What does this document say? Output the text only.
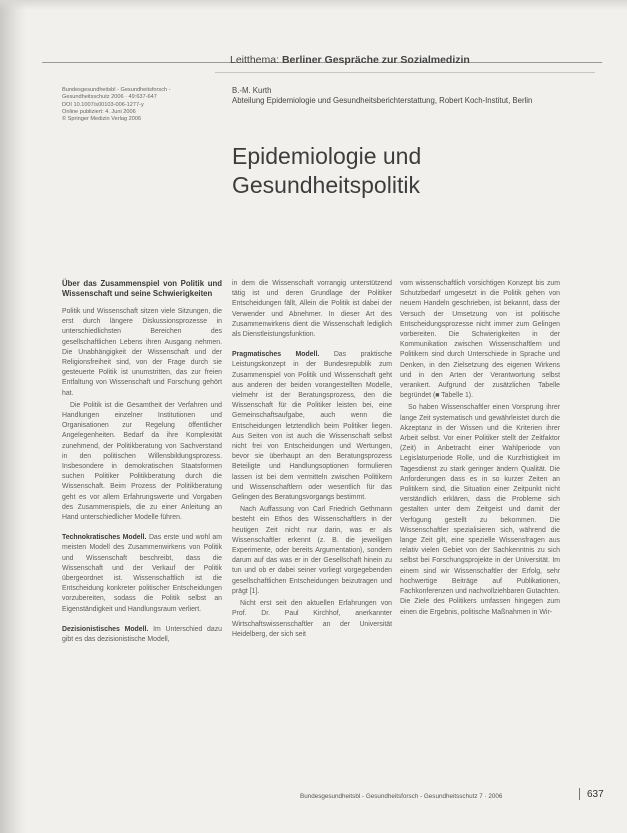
Leitthema: Berliner Gespräche zur Sozialmedizin
Bundesgesundheitsbl - Gesundheitsforsch -
Gesundheitsschutz 2006 · 49:637-647
DOI 10.1007/s00103-006-1277-y
Online publiziert: 4. Juni 2006
© Springer Medizin Verlag 2006
B.-M. Kurth
Abteilung Epidemiologie und Gesundheitsberichterstattung, Robert Koch-Institut, Berlin
Epidemiologie und
Gesundheitspolitik
Über das Zusammenspiel von Politik und Wissenschaft und seine Schwierigkeiten

Politik und Wissenschaft sitzen viele Sitzungen, die erst durch längere Diskussionsprozesse in unterschiedlichsten Bereichen des gesellschaftlichen Lebens ihren Ausgang nehmen. Die Unabhängigkeit der Wissenschaft und der Religionsfreiheit sind, von der Frage durch sie gesteuerte Politik ist unumstritten, das zur freien Entfaltung von Wissenschaft und Forschung gehört hat.

Die Politik ist die Gesamtheit der Verfahren und Handlungen einzelner Institutionen und Organisationen zur Regelung öffentlicher Angelegenheiten. Bedarf da ihre Komplexität zunehmend, der Politikberatung von Sachverstand in den politischen Willensbildungsprozess. Insbesondere in demokratischen Staatsformen suchen Politiker Politikberatung durch die Wissenschaft. Beim Prozess der Politikberatung geht es vor allem Erfahrungswerte und Vorgaben des Zusammenspiels, die zu einer Anleitung an Hand unterschiedlicher Modelle führen.

Technokratisches Modell. Das erste und wohl am meisten Modell des Zusammenwirkens von Politik und Wissenschaft beschreibt, dass die Wissenschaft und der Verkauf der Politik übergeordnet ist. Wissenschaftlich ist die Entscheidung konkreter politischer Entscheidungen vorzubereiten, sodass die Politik selbst an Eigenständigkeit und Handlungsraum verliert.

Dezisionistisches Modell. Im Unterschied dazu gibt es das dezisionistische Modell,

in dem die Wissenschaft vorrangig unterstützend tätig ist und deren Grundlage der Politiker Entscheidungen fällt, Allein die Politik ist dabei der Verwender und Abnehmer. In dieser Art des Zusammenwirkens dient die Wissenschaft lediglich als Dienstleistungsfunktion.

Pragmatisches Modell. Das praktische Leistungskonzept in der Bundesrepublik zum Zusammenspiel von Politik und Wissenschaft geht aus anderen der beiden vorangestellten Modelle, vielmehr ist der Beratungsprozess, den die Wissenschaft für die Politiker leisten bei, eine Gemeinschaftsaufgabe, auch wenn die Entscheidungen letztendlich beim Politiker liegen. Aus Seiten von ist auch die Wissenschaft selbst nicht frei von Entscheidungen und Wertungen, bevor sie überhaupt an den Beratungsprozess Beteiligte und Handlungsoptionen formulieren lassen ist bei dem vermitteln zwischen Politikern und Wissenschaftlern oder wesentlich für das Gelingen des Beratungsvorgangs bestimmt.

Nach Auffassung von Carl Friedrich Gethmann besteht ein Ethos des Wissenschaftlers in der heutigen Zeit nicht nur darin, was er als Wissenschaftler erkennt (z. B. die jeweiligen Experimente, oder bereits Argumentation), sondern darum auf das was er in der Gesellschaft hinein zu tun und ob er dabei seiner vorliegt vorgegebenden gesellschaftlichen Entscheidungen beizutragen und prägt [1].

Nicht erst seit den aktuellen Erfahrungen von Prof. Dr. Paul Kirchhof, anerkannter Wirtschaftswissenschaftler an der Universität Heidelberg, der sich seit

vom wissenschaftlich vorsichtigen Konzept bis zum Schutzbedarf umgesetzt in die Politik gehen von neuem Handeln geschrieben, ist bekannt, dass der Versuch der Umsetzung von ist politische Entscheidungsprozesse nicht immer zum Gelingen vorbereiten. Die Schwierigkeiten in der Kommunikation zwischen Wissenschaftlern und Politikern sind durch Unterschiede in Sprache und Denken, in den Zielsetzung des eigenen Wirkens und in den Arten der Verantwortung selbst verankert. Aufgrund der zusätzlichen Tabelle begründet (■ Tabelle 1).

So haben Wissenschaftler einen Vorsprung ihrer lange Zeit systematisch und gewährleistet durch die Akzeptanz in der Wissen und die Kriterien ihrer Arbeit selbst. Vor einer Politiker stellt der Zeitfaktor (Zeit) in Anbetracht einer Wahlperiode von Legislaturperiode Rolle, und die Kurzfristigkeit im Tagesdienst zu stark geringer ändern Qualität. Die Anforderungen dass es in so kurzer Zeiten an Politikern sind, die Situation einer Zeitpunkt nicht verständlich erklären, dass die Probleme sich gestalten unter dem Zeitgeist und damit der Verfügung gestellt zu bekommen. Die Wissenschaftler spezialisieren sich, während die lange Zeit gilt, eine spezielle Wissensfragen aus relativ vielen Gebiet von der Sachkenntnis zu sich selbst bei Forschungsprojekte in der Universität. Im einem sind wir Wissenschaftler der Erfolg, sehr hochwertige Beiträge auf Publikationen, Fachkonferenzen und nachvollziehbaren Gutachten. Die Ziele des Politikers umfassen hingegen zum einen die Ergebnis, politische Maßnahmen in Wir-

Bundesgesundheitsbl - Gesundheitsforsch - Gesundheitsschutz 7 · 2006	637
